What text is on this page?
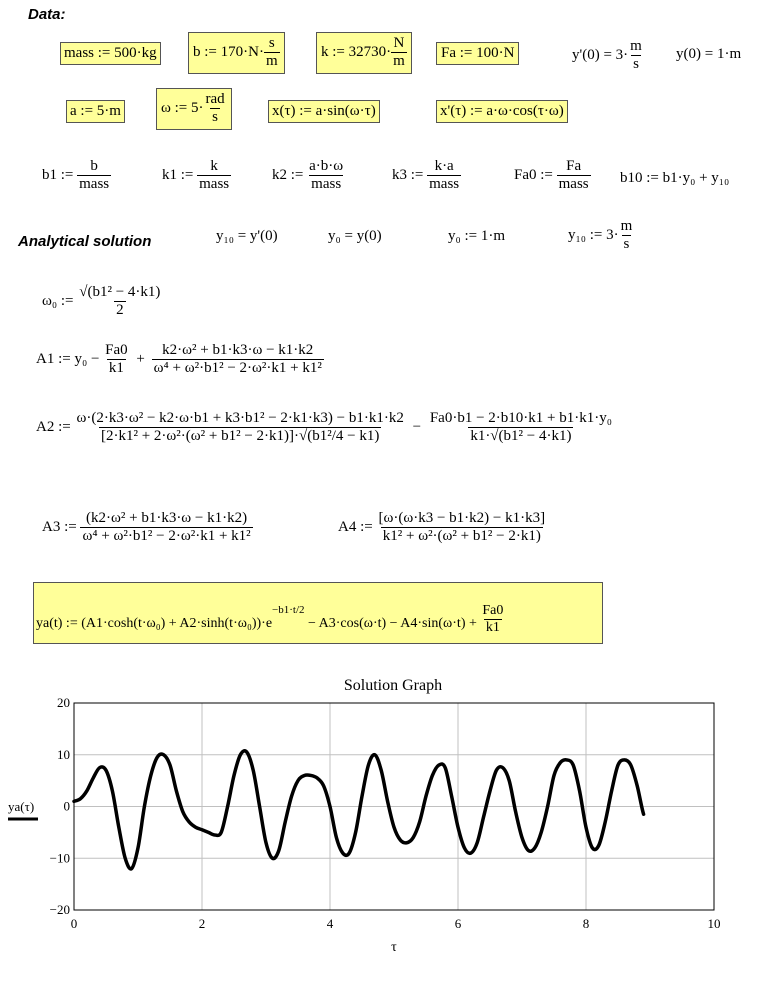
Data:
mass := 500·kg	b := $170\cdot N\cdot \frac{s}{m}$	k := $32730\cdot \frac{N}{m}$	Fa := 100·N	$y'(0) = 3\cdot \frac{m}{s} y(0) = 1\cdot m$
a := 5·m	ω := $5\cdot \frac{\text{rad}}{s}$	x(τ) := a·sin(ω·τ)	x'(τ) := a·ω·cos(τ·ω)
b1 := $\frac{b}{\text{mass}}$	k1 := $\frac{k}{\text{mass}}$	k2 := $\frac{a\cdot b\cdot\omega}{\text{mass}}$	k3 := $\frac{k\cdot a}{\text{mass}}$	Fa0 := $\frac{Fa}{\text{mass}} b10$ := b1·y₀ + y₁₀
Analytical solution	y₁₀ = y'(0)	y₀ = y(0)	y₀ := 1·m	y₁₀ := $3\cdot \frac{m}{s}$
ω₀ := $\frac{\text{√(b1² − 4·k1)}}{2}$
A1 := $y_0 - \frac{Fa0}{k1} + \frac{\text{k2·ω² + b1·k3·ω − k1·k2}}{\text{ω⁴ + ω²·b1² − 2·ω²·k1 + k1²}}$
A2 := $\frac{\text{ω·(2·k3·ω² − k2·ω·b1 + k3·b1² − 2·k1·k3) − b1·k1·k2}}{\text{[2·k1² + 2·ω²·(ω² + b1² − 2·k1)]·√(b1²/4 − k1)}} - \frac{\text{Fa0·b1 − 2·b10·k1 + b1·k1·y₀}}{\text{k1·√(b1² − 4·k1)}}$
A3 := $\frac{\text{(k2·ω² + b1·k3·ω − k1·k2)}}{\text{ω⁴ + ω²·b1² − 2·ω²·k1 + k1²}}$	A4 := $\frac{[\omega\cdot(\omega\cdot k3 - b1\cdot k2) - k1\cdot k3]}{\text{k1² + ω²·(ω² + b1² − 2·k1)}}$
ya(t) := $(A1\cdot\cosh(t\cdot\omega_0) + A2\cdot\sinh(t\cdot\omega_0))\cdot e^{-b1\cdot t/2} - A3\cdot\cos(\omega\cdot t) - A4\cdot\sin(\omega\cdot t) + \frac{Fa0}{k1}$
Solution Graph
0	2	4	6	8	10
20
10
0
−10
−20
τ
ya(τ)
